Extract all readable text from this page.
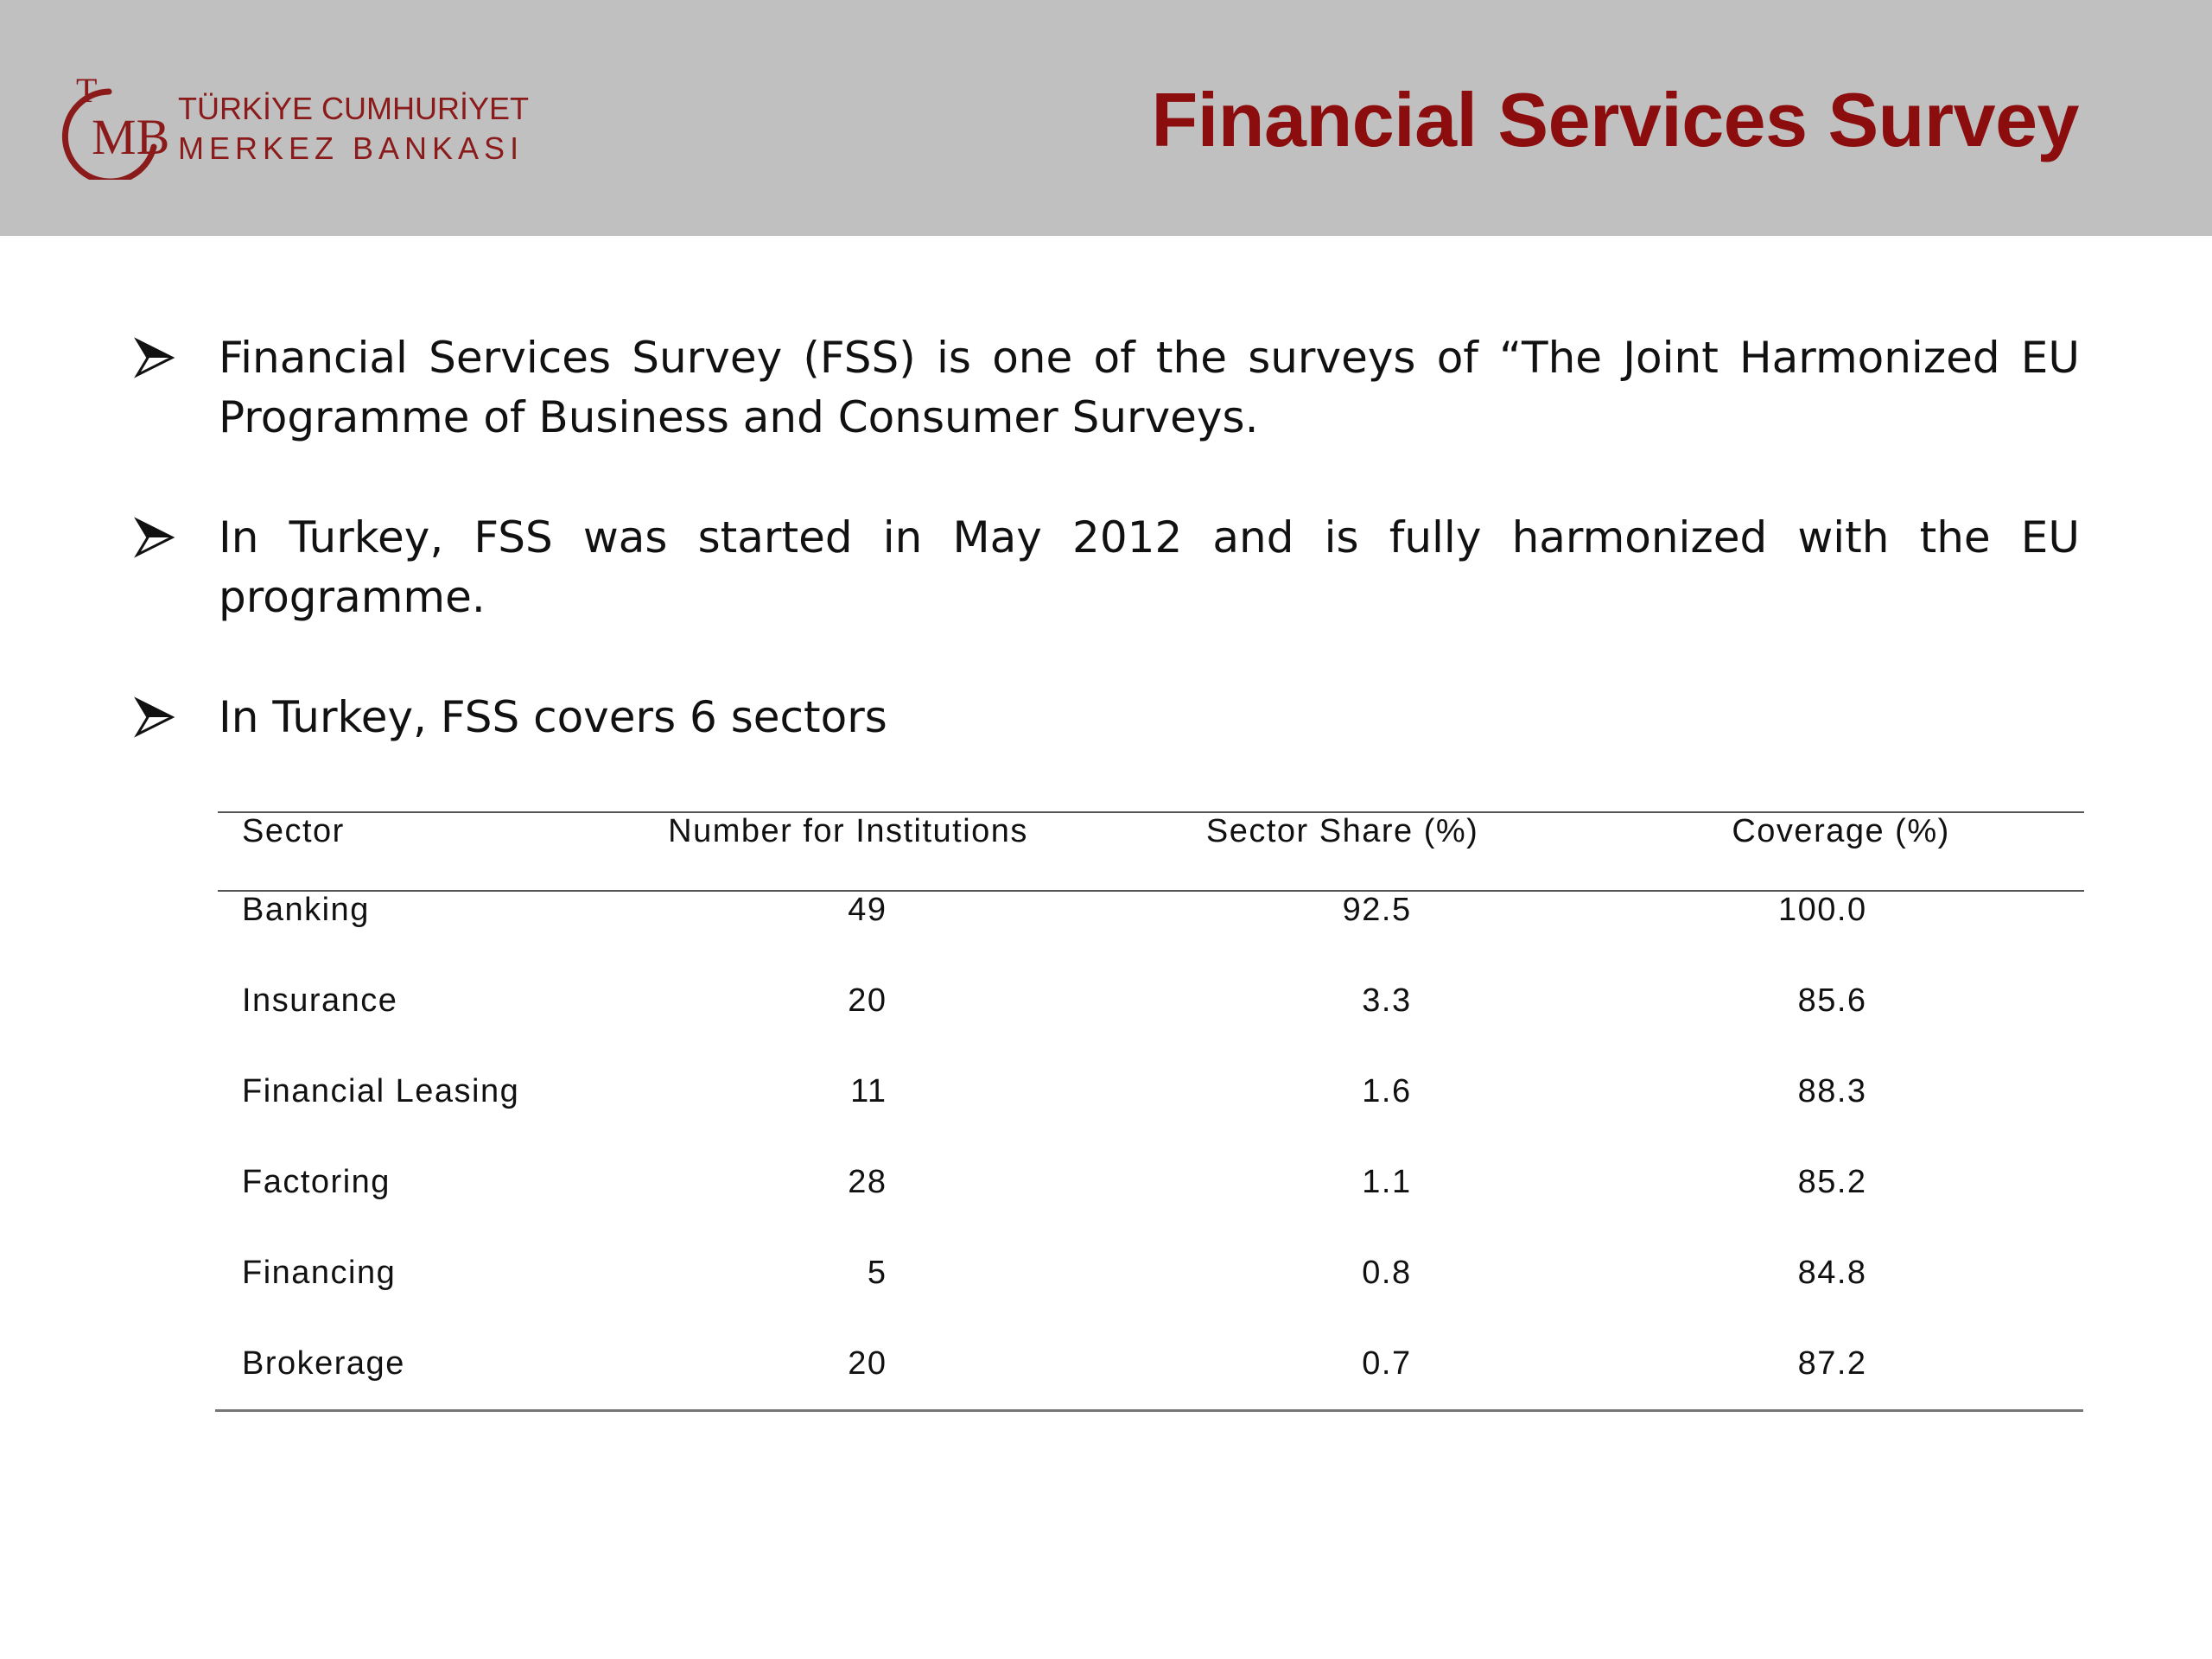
T
MB
TÜRKİYE CUMHURİYET
MERKEZ BANKASI	Financial Services Survey
Financial Services Survey (FSS) is one of the surveys of “The Joint Harmonized EU Programme of Business and Consumer Surveys.
In Turkey, FSS was started in May 2012 and is fully harmonized with the EU programme.
In Turkey, FSS covers 6 sectors
Sector	Number for Institutions	Sector Share (%)	Coverage (%)
Banking	49	92.5	100.0
Insurance	20	3.3	85.6
Financial Leasing	11	1.6	88.3
Factoring	28	1.1	85.2
Financing	5	0.8	84.8
Brokerage	20	0.7	87.2
